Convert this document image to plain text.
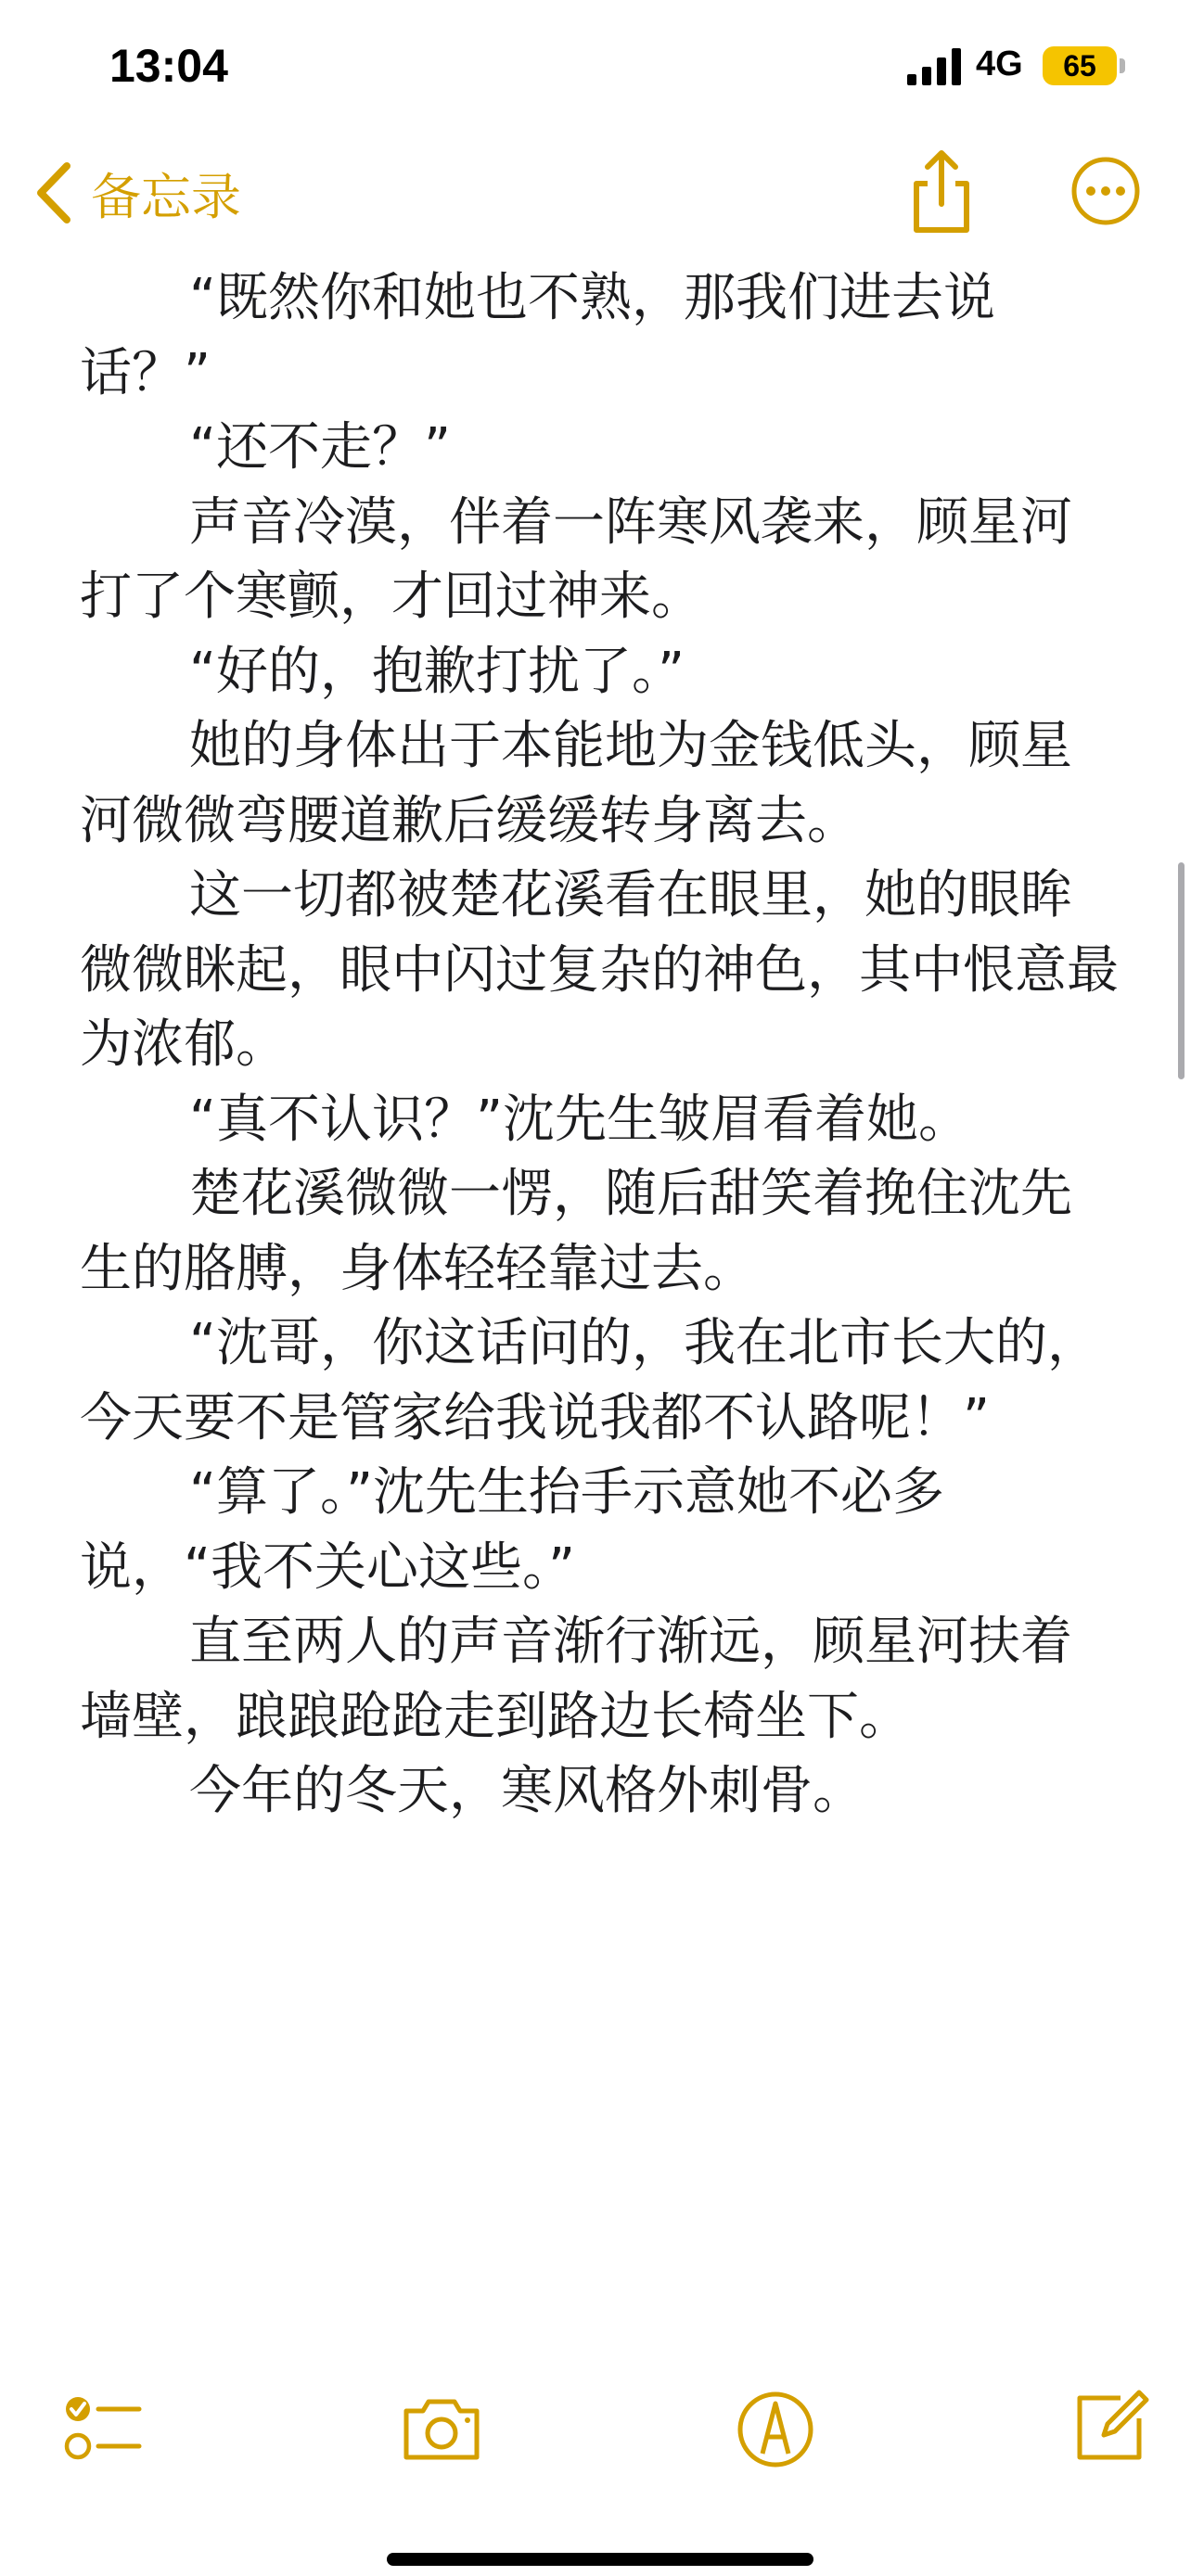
13:04	4G	65

备忘录

“既然你和她也不熟，那我们进去说话？”

“还不走？”

声音冷漠，伴着一阵寒风袭来，顾星河打了个寒颤，才回过神来。

“好的，抱歉打扰了。”

她的身体出于本能地为金钱低头，顾星河微微弯腰道歉后缓缓转身离去。

这一切都被楚花溪看在眼里，她的眼眸微微眯起，眼中闪过复杂的神色，其中恨意最为浓郁。

“真不认识？”沈先生皱眉看着她。

楚花溪微微一愣，随后甜笑着挽住沈先生的胳膊，身体轻轻靠过去。

“沈哥，你这话问的，我在北市长大的，今天要不是管家给我说我都不认路呢！”

“算了。”沈先生抬手示意她不必多说，“我不关心这些。”

直至两人的声音渐行渐远，顾星河扶着墙壁，踉踉跄跄走到路边长椅坐下。

今年的冬天，寒风格外刺骨。
